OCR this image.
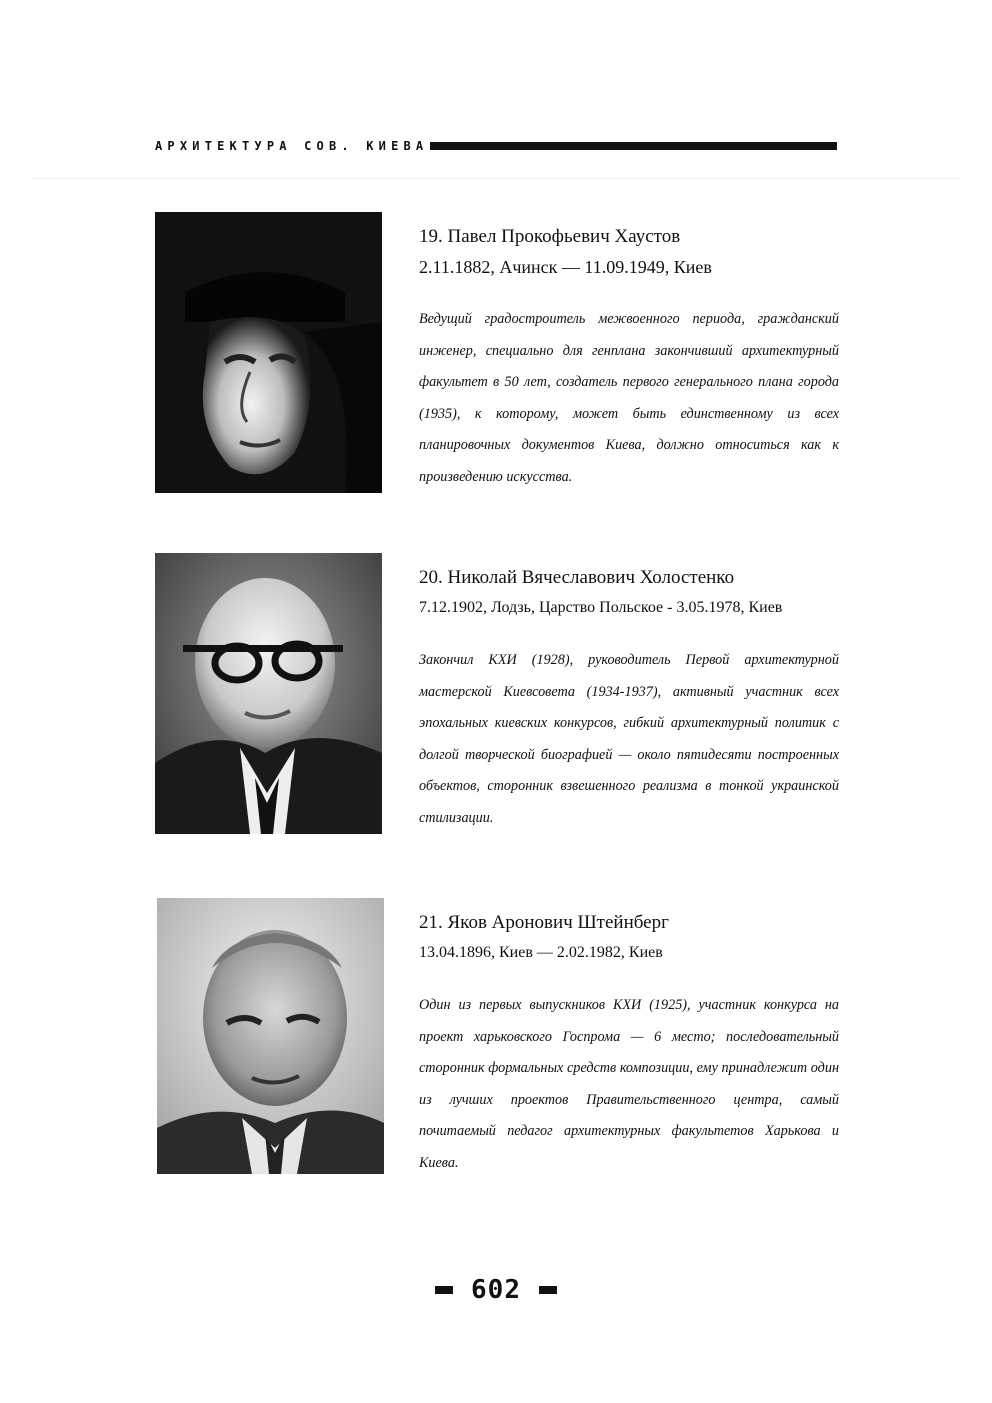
АРХИТЕКТУРА СОВ. КИЕВА
19. Павел Прокофьевич Хаустов
2.11.1882, Ачинск — 11.09.1949, Киев
Ведущий градостроитель межвоенного периода, гражданский инженер, специально для генплана закончивший архитектурный факультет в 50 лет, создатель первого генерального плана города (1935), к которому, может быть единственному из всех планировочных документов Киева, должно относиться как к произведению искусства.
20. Николай Вячеславович Холостенко
7.12.1902, Лодзь, Царство Польское - 3.05.1978, Киев
Закончил КХИ (1928), руководитель Первой архитектурной мастерской Киевсовета (1934-1937), активный участник всех эпохальных киевских конкурсов, гибкий архитектурный политик с долгой творческой биографией — около пятидесяти построенных объектов, сторонник взвешенного реализма в тонкой украинской стилизации.
21. Яков Аронович Штейнберг
13.04.1896, Киев — 2.02.1982, Киев
Один из первых выпускников КХИ (1925), участник конкурса на проект харьковского Госпрома — 6 место; последовательный сторонник формальных средств композиции, ему принадлежит один из лучших проектов Правительственного центра, самый почитаемый педагог архитектурных факультетов Харькова и Киева.
602
